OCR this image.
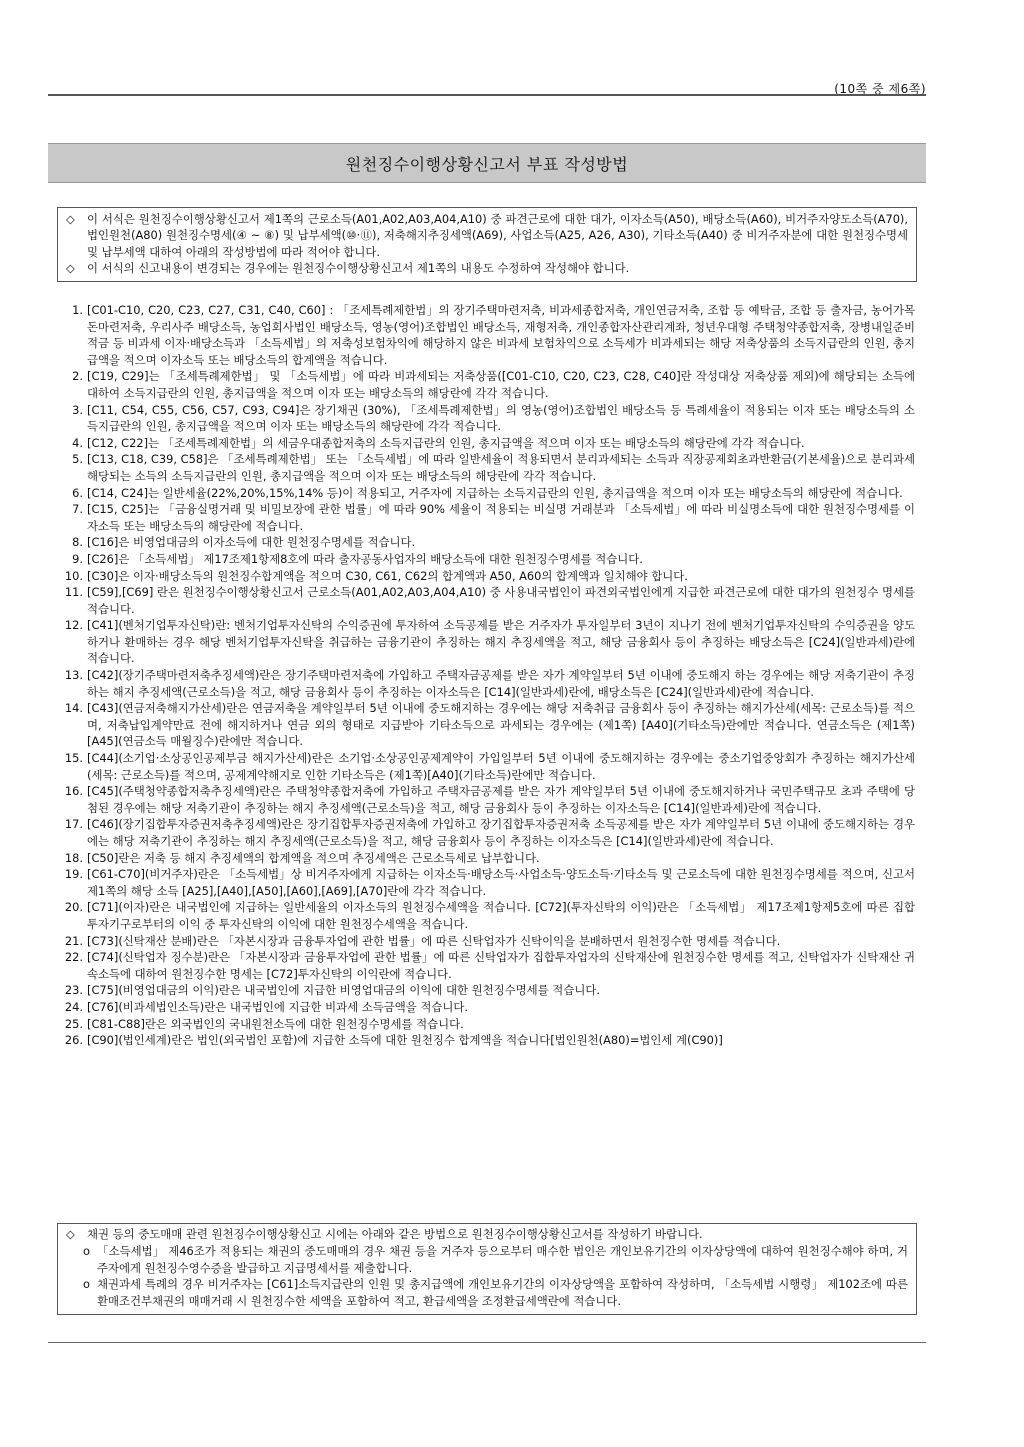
(10쪽 중 제6쪽)
원천징수이행상황신고서 부표 작성방법
◇ 이 서식은 원천징수이행상황신고서 제1쪽의 근로소득(A01,A02,A03,A04,A10) 중 파견근로에 대한 대가, 이자소득(A50), 배당소득(A60), 비거주자양도소득(A70), 법인원천(A80) 원천징수명세(④ ~ ⑧) 및 납부세액(⑩·⑪), 저축해지추징세액(A69), 사업소득(A25, A26, A30), 기타소득(A40) 중 비거주자분에 대한 원천징수명세 및 납부세액 대하여 아래의 작성방법에 따라 적어야 합니다.
◇ 이 서식의 신고내용이 변경되는 경우에는 원천징수이행상황신고서 제1쪽의 내용도 수정하여 작성해야 합니다.
1. [C01-C10, C20, C23, C27, C31, C40, C60] : 「조세특례제한법」의 장기주택마련저축, 비과세종합저축, 개인연금저축, 조합 등 예탁금, 조합 등 출자금, 농어가목돈마련저축, 우리사주 배당소득, 농업회사법인 배당소득, 영농(영어)조합법인 배당소득, 재형저축, 개인종합자산관리계좌, 청년우대형 주택청약종합저축, 장병내일준비적금 등 비과세 이자·배당소득과 「소득세법」의 저축성보험차익에 해당하지 않은 비과세 보험차익으로 소득세가 비과세되는 해당 저축상품의 소득지급란의 인원, 총지급액을 적으며 이자소득 또는 배당소득의 합계액을 적습니다.
2. [C19, C29]는 「조세특례제한법」 및 「소득세법」에 따라 비과세되는 저축상품([C01-C10, C20, C23, C28, C40]란 작성대상 저축상품 제외)에 해당되는 소득에 대하여 소득지급란의 인원, 총지급액을 적으며 이자 또는 배당소득의 해당란에 각각 적습니다.
3. [C11, C54, C55, C56, C57, C93, C94]은 장기채권 (30%), 「조세특례제한법」의 영농(영어)조합법인 배당소득 등 특례세율이 적용되는 이자 또는 배당소득의 소득지급란의 인원, 총지급액을 적으며 이자 또는 배당소득의 해당란에 각각 적습니다.
4. [C12, C22]는 「조세특례제한법」의 세금우대종합저축의 소득지급란의 인원, 총지급액을 적으며 이자 또는 배당소득의 해당란에 각각 적습니다.
5. [C13, C18, C39, C58]은 「조세특례제한법」 또는 「소득세법」에 따라 일반세율이 적용되면서 분리과세되는 소득과 직장공제회초과반환금(기본세율)으로 분리과세 해당되는 소득의 소득지급란의 인원, 총지급액을 적으며 이자 또는 배당소득의 해당란에 각각 적습니다.
6. [C14, C24]는 일반세율(22%,20%,15%,14% 등)이 적용되고, 거주자에 지급하는 소득지급란의 인원, 총지급액을 적으며 이자 또는 배당소득의 해당란에 적습니다.
7. [C15, C25]는 「금융실명거래 및 비밀보장에 관한 법률」에 따라 90% 세율이 적용되는 비실명 거래분과 「소득세법」에 따라 비실명소득에 대한 원천징수명세를 이자소득 또는 배당소득의 해당란에 적습니다.
8. [C16]은 비영업대금의 이자소득에 대한 원천징수명세를 적습니다.
9. [C26]은 「소득세법」 제17조제1항제8호에 따라 출자공동사업자의 배당소득에 대한 원천징수명세를 적습니다.
10. [C30]은 이자·배당소득의 원천징수합계액을 적으며 C30, C61, C62의 합계액과 A50, A60의 합계액과 일치해야 합니다.
11. [C59],[C69] 란은 원천징수이행상황신고서 근로소득(A01,A02,A03,A04,A10) 중 사용내국법인이 파견외국법인에게 지급한 파견근로에 대한 대가의 원천징수 명세를 적습니다.
12. [C41](벤처기업투자신탁)란: 벤처기업투자신탁의 수익증권에 투자하여 소득공제를 받은 거주자가 투자일부터 3년이 지나기 전에 벤처기업투자신탁의 수익증권을 양도하거나 환매하는 경우 해당 벤처기업투자신탁을 취급하는 금융기관이 추징하는 해지 추징세액을 적고, 해당 금융회사 등이 추징하는 배당소득은 [C24](일반과세)란에 적습니다.
13. [C42](장기주택마련저축추징세액)란은 장기주택마련저축에 가입하고 주택자금공제를 받은 자가 계약일부터 5년 이내에 중도해지 하는 경우에는 해당 저축기관이 추징하는 해지 추징세액(근로소득)을 적고, 해당 금융회사 등이 추징하는 이자소득은 [C14](일반과세)란에, 배당소득은 [C24](일반과세)란에 적습니다.
14. [C43](연금저축해지가산세)란은 연금저축을 계약일부터 5년 이내에 중도해지하는 경우에는 해당 저축취급 금융회사 등이 추징하는 해지가산세(세목: 근로소득)를 적으며, 저축납입계약만료 전에 해지하거나 연금 외의 형태로 지급받아 기타소득으로 과세되는 경우에는 (제1쪽) [A40](기타소득)란에만 적습니다. 연금소득은 (제1쪽) [A45](연금소득 매월징수)란에만 적습니다.
15. [C44](소기업·소상공인공제부금 해지가산세)란은 소기업·소상공인공제계약이 가입일부터 5년 이내에 중도해지하는 경우에는 중소기업중앙회가 추징하는 해지가산세(세목: 근로소득)를 적으며, 공제계약해지로 인한 기타소득은 (제1쪽)[A40](기타소득)란에만 적습니다.
16. [C45](주택청약종합저축추징세액)란은 주택청약종합저축에 가입하고 주택자금공제를 받은 자가 계약일부터 5년 이내에 중도해지하거나 국민주택규모 초과 주택에 당첨된 경우에는 해당 저축기관이 추징하는 해지 추징세액(근로소득)을 적고, 해당 금융회사 등이 추징하는 이자소득은 [C14](일반과세)란에 적습니다.
17. [C46](장기집합투자증권저축추징세액)란은 장기집합투자증권저축에 가입하고 장기집합투자증권저축 소득공제를 받은 자가 계약일부터 5년 이내에 중도해지하는 경우에는 해당 저축기관이 추징하는 해지 추징세액(근로소득)을 적고, 해당 금융회사 등이 추징하는 이자소득은 [C14](일반과세)란에 적습니다.
18. [C50]란은 저축 등 해지 추징세액의 합계액을 적으며 추징세액은 근로소득세로 납부합니다.
19. [C61-C70](비거주자)란은 「소득세법」상 비거주자에게 지급하는 이자소득·배당소득·사업소득·양도소득·기타소득 및 근로소득에 대한 원천징수명세를 적으며, 신고서 제1쪽의 해당 소득 [A25],[A40],[A50],[A60],[A69],[A70]란에 각각 적습니다.
20. [C71](이자)란은 내국법인에 지급하는 일반세율의 이자소득의 원천징수세액을 적습니다. [C72](투자신탁의 이익)란은 「소득세법」 제17조제1항제5호에 따른 집합투자기구로부터의 이익 중 투자신탁의 이익에 대한 원천징수세액을 적습니다.
21. [C73](신탁재산 분배)란은 「자본시장과 금융투자업에 관한 법률」에 따른 신탁업자가 신탁이익을 분배하면서 원천징수한 명세를 적습니다.
22. [C74](신탁업자 징수분)란은 「자본시장과 금융투자업에 관한 법률」에 따른 신탁업자가 집합투자업자의 신탁재산에 원천징수한 명세를 적고, 신탁업자가 신탁재산 귀속소득에 대하여 원천징수한 명세는 [C72]투자신탁의 이익란에 적습니다.
23. [C75](비영업대금의 이익)란은 내국법인에 지급한 비영업대금의 이익에 대한 원천징수명세를 적습니다.
24. [C76](비과세법인소득)란은 내국법인에 지급한 비과세 소득금액을 적습니다.
25. [C81-C88]란은 외국법인의 국내원천소득에 대한 원천징수명세를 적습니다.
26. [C90](법인세계)란은 법인(외국법인 포함)에 지급한 소득에 대한 원천징수 합계액을 적습니다[법인원천(A80)=법인세 계(C90)]
◇ 채권 등의 중도매매 관련 원천징수이행상황신고 시에는 아래와 같은 방법으로 원천징수이행상황신고서를 작성하기 바랍니다.
o 「소득세법」 제46조가 적용되는 채권의 중도매매의 경우 채권 등을 거주자 등으로부터 매수한 법인은 개인보유기간의 이자상당액에 대하여 원천징수해야 하며, 거주자에게 원천징수영수증을 발급하고 지급명세서를 제출합니다.
o 채권과세 특례의 경우 비거주자는 [C61]소득지급란의 인원 및 총지급액에 개인보유기간의 이자상당액을 포함하여 작성하며, 「소득세법 시행령」 제102조에 따른 환매조건부채권의 매매거래 시 원천징수한 세액을 포함하여 적고, 환급세액을 조정환급세액란에 적습니다.
